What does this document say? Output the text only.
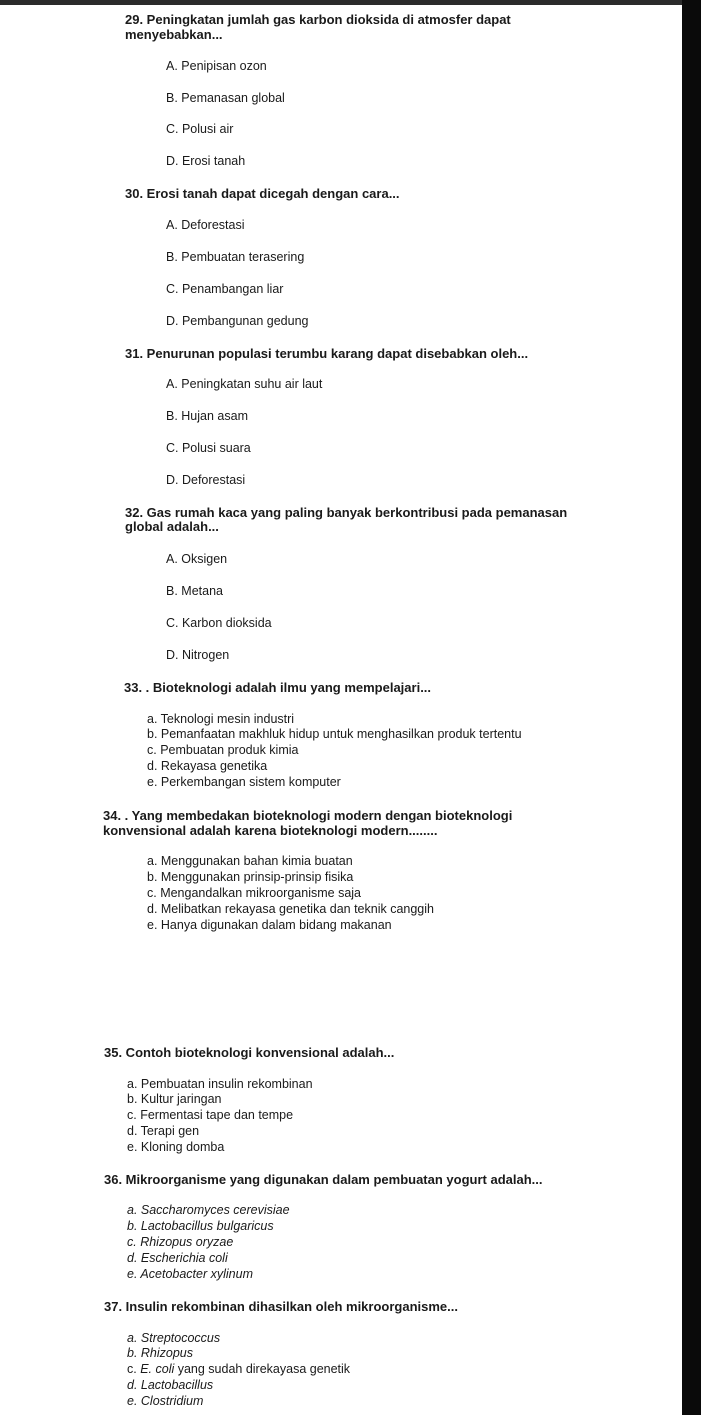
29. Peningkatan jumlah gas karbon dioksida di atmosfer dapat
menyebabkan...
A. Penipisan ozon
B. Pemanasan global
C. Polusi air
D. Erosi tanah
30. Erosi tanah dapat dicegah dengan cara...
A. Deforestasi
B. Pembuatan terasering
C. Penambangan liar
D. Pembangunan gedung
31. Penurunan populasi terumbu karang dapat disebabkan oleh...
A. Peningkatan suhu air laut
B. Hujan asam
C. Polusi suara
D. Deforestasi
32. Gas rumah kaca yang paling banyak berkontribusi pada pemanasan
global adalah...
A. Oksigen
B. Metana
C. Karbon dioksida
D. Nitrogen
33. . Bioteknologi adalah ilmu yang mempelajari...
a. Teknologi mesin industri
b. Pemanfaatan makhluk hidup untuk menghasilkan produk tertentu
c. Pembuatan produk kimia
d. Rekayasa genetika
e. Perkembangan sistem komputer
34. . Yang membedakan bioteknologi modern dengan bioteknologi
konvensional adalah karena bioteknologi modern........
a. Menggunakan bahan kimia buatan
b. Menggunakan prinsip-prinsip fisika
c. Mengandalkan mikroorganisme saja
d. Melibatkan rekayasa genetika dan teknik canggih
e. Hanya digunakan dalam bidang makanan
35. Contoh bioteknologi konvensional adalah...
a. Pembuatan insulin rekombinan
b. Kultur jaringan
c. Fermentasi tape dan tempe
d. Terapi gen
e. Kloning domba
36. Mikroorganisme yang digunakan dalam pembuatan yogurt adalah...
a. Saccharomyces cerevisiae
b. Lactobacillus bulgaricus
c. Rhizopus oryzae
d. Escherichia coli
e. Acetobacter xylinum
37. Insulin rekombinan dihasilkan oleh mikroorganisme...
a. Streptococcus
b. Rhizopus
c. E. coli yang sudah direkayasa genetik
d. Lactobacillus
e. Clostridium
